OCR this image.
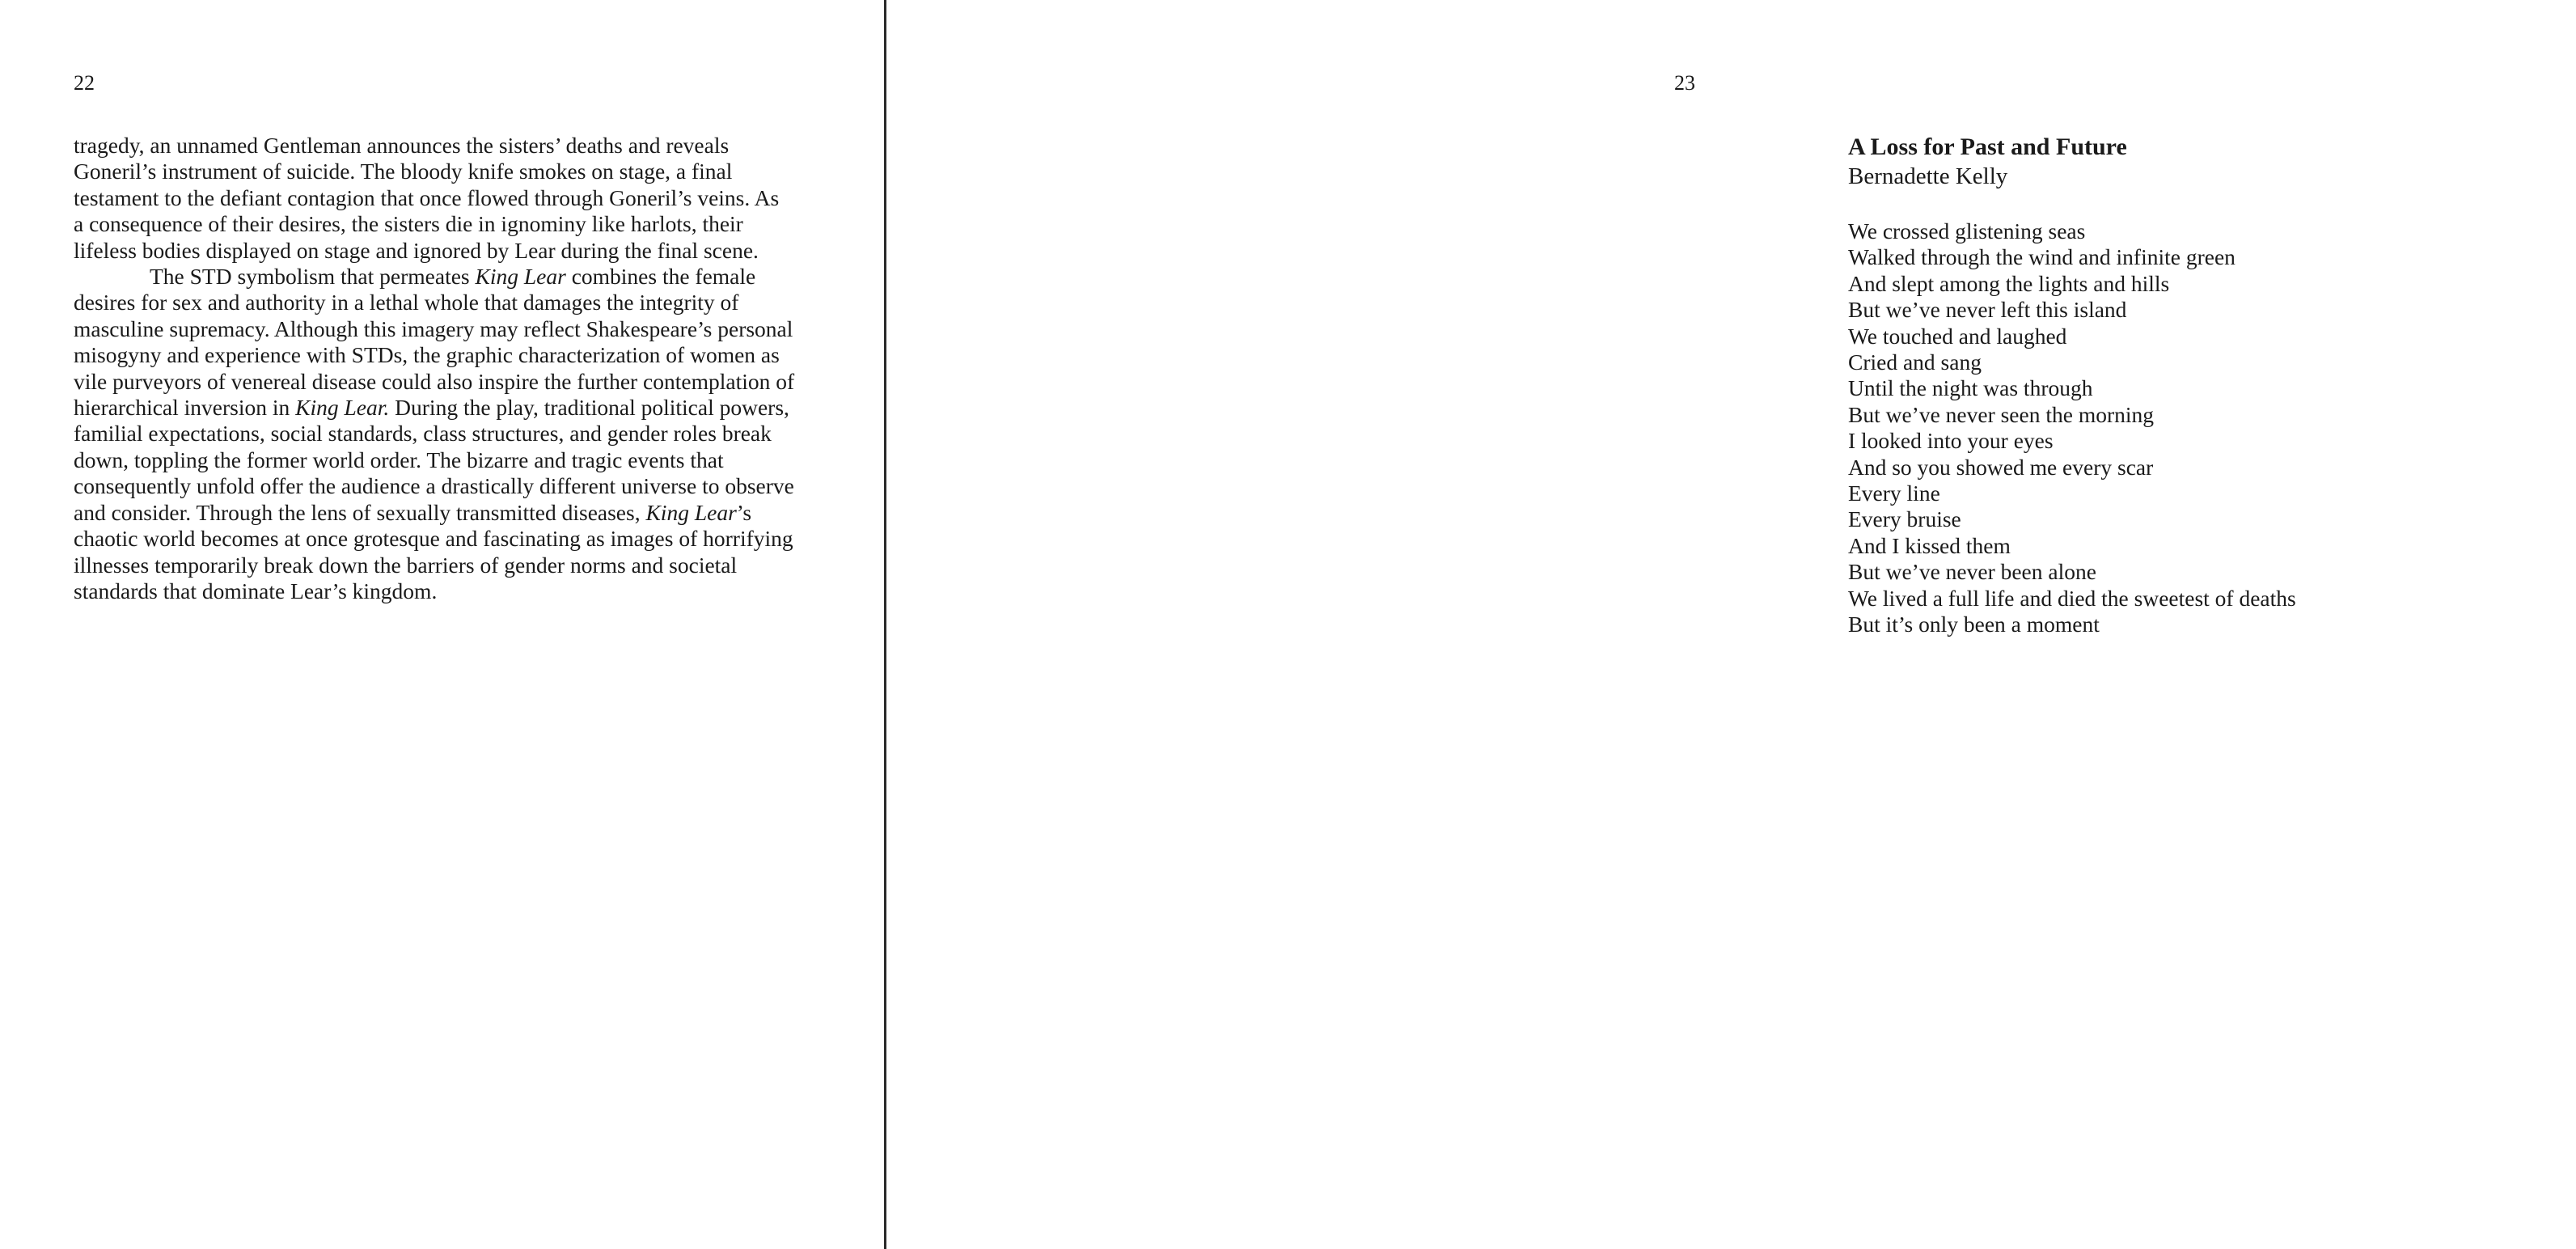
22
tragedy, an unnamed Gentleman announces the sisters’ deaths and reveals
Goneril’s instrument of suicide. The bloody knife smokes on stage, a final
testament to the defiant contagion that once flowed through Goneril’s veins. As
a consequence of their desires, the sisters die in ignominy like harlots, their
lifeless bodies displayed on stage and ignored by Lear during the final scene.
The STD symbolism that permeates King Lear combines the female
desires for sex and authority in a lethal whole that damages the integrity of
masculine supremacy. Although this imagery may reflect Shakespeare’s personal
misogyny and experience with STDs, the graphic characterization of women as
vile purveyors of venereal disease could also inspire the further contemplation of
hierarchical inversion in King Lear. During the play, traditional political powers,
familial expectations, social standards, class structures, and gender roles break
down, toppling the former world order. The bizarre and tragic events that
consequently unfold offer the audience a drastically different universe to observe
and consider. Through the lens of sexually transmitted diseases, King Lear’s
chaotic world becomes at once grotesque and fascinating as images of horrifying
illnesses temporarily break down the barriers of gender norms and societal
standards that dominate Lear’s kingdom.
23
A Loss for Past and Future
Bernadette Kelly
We crossed glistening seas
Walked through the wind and infinite green
And slept among the lights and hills
But we’ve never left this island
We touched and laughed
Cried and sang
Until the night was through
But we’ve never seen the morning
I looked into your eyes
And so you showed me every scar
Every line
Every bruise
And I kissed them
But we’ve never been alone
We lived a full life and died the sweetest of deaths
But it’s only been a moment
